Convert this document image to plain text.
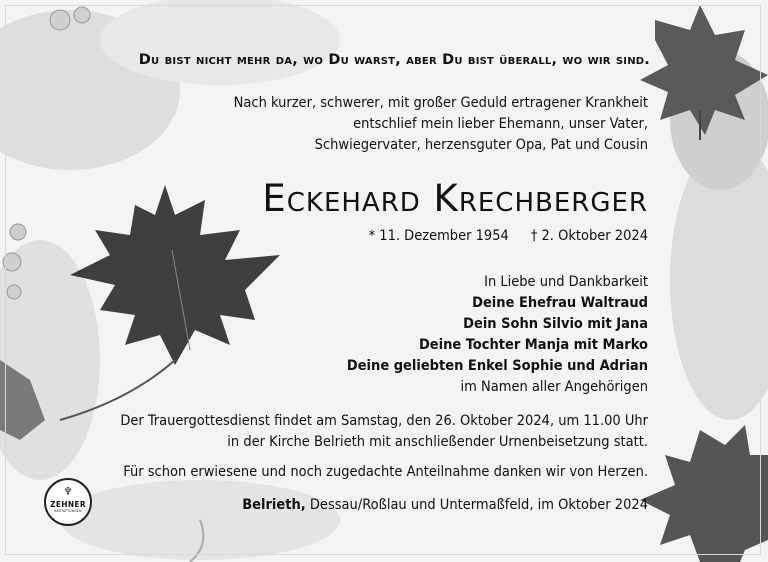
Du bist nicht mehr da, wo Du warst, aber Du bist überall, wo wir sind.
Nach kurzer, schwerer, mit großer Geduld ertragener Krankheit
entschlief mein lieber Ehemann, unser Vater,
Schwiegervater, herzensguter Opa, Pat und Cousin
Eckehard Krechberger
* 11. Dezember 1954 † 2. Oktober 2024
In Liebe und Dankbarkeit
Deine Ehefrau Waltraud
Dein Sohn Silvio mit Jana
Deine Tochter Manja mit Marko
Deine geliebten Enkel Sophie und Adrian
im Namen aller Angehörigen
Der Trauergottesdienst findet am Samstag, den 26. Oktober 2024, um 11.00 Uhr
in der Kirche Belrieth mit anschließender Urnenbeisetzung statt.
Für schon erwiesene und noch zugedachte Anteilnahme danken wir von Herzen.
Belrieth, Dessau/Roßlau und Untermaßfeld, im Oktober 2024
♆
ZEHNER
BESTATTUNGEN
